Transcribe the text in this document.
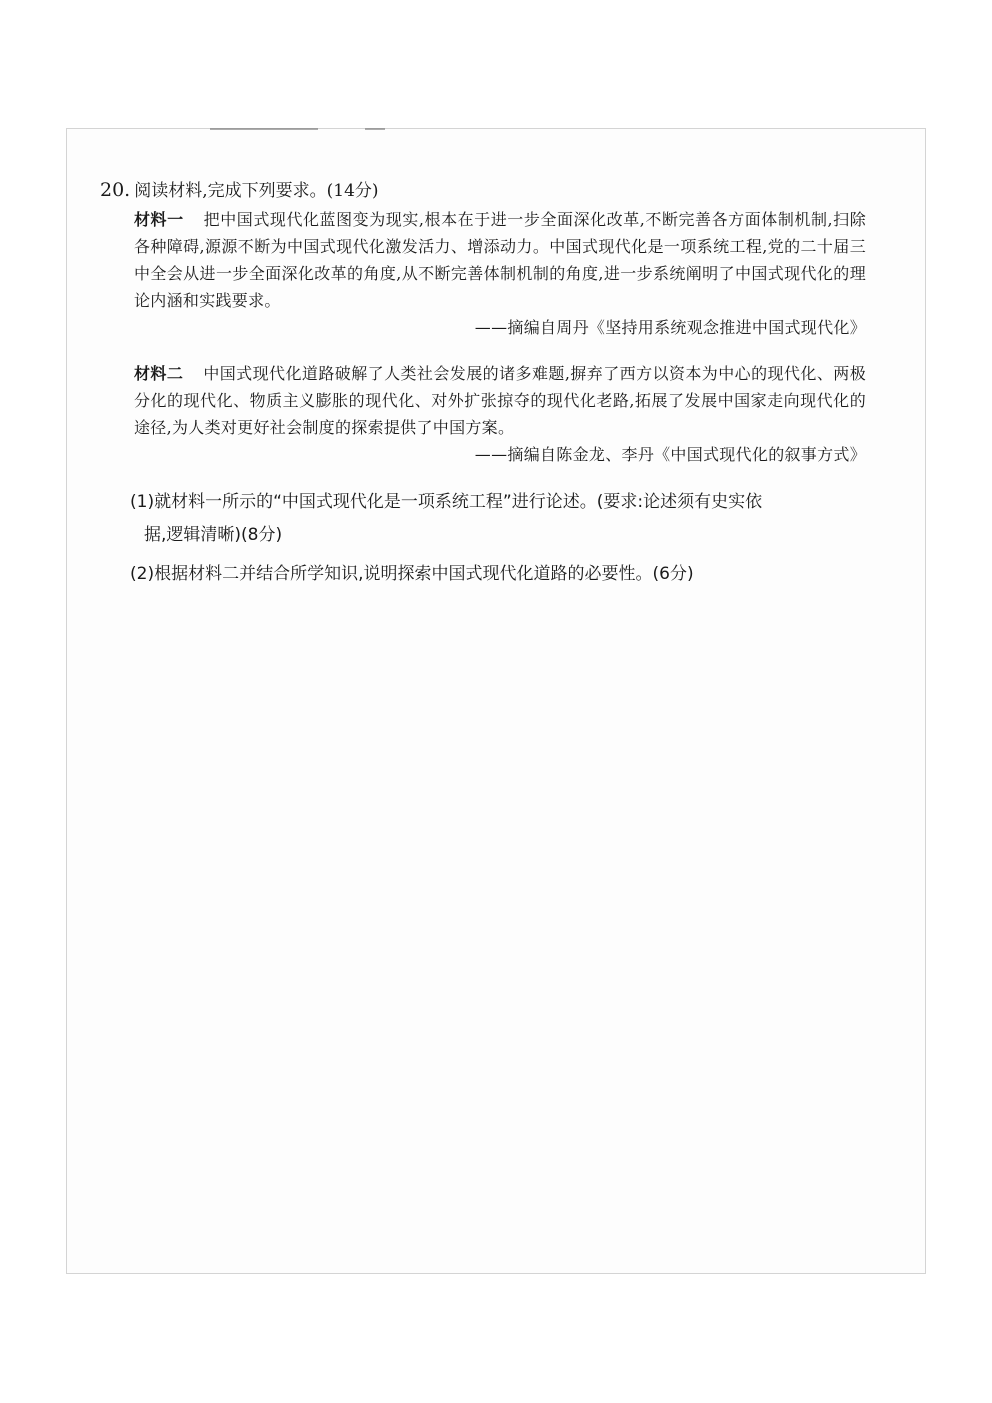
20. 阅读材料,完成下列要求。(14分)
材料一 把中国式现代化蓝图变为现实,根本在于进一步全面深化改革,不断完善各方面体制机制,扫除各种障碍,源源不断为中国式现代化激发活力、增添动力。中国式现代化是一项系统工程,党的二十届三中全会从进一步全面深化改革的角度,从不断完善体制机制的角度,进一步系统阐明了中国式现代化的理论内涵和实践要求。
——摘编自周丹《坚持用系统观念推进中国式现代化》
材料二 中国式现代化道路破解了人类社会发展的诸多难题,摒弃了西方以资本为中心的现代化、两极分化的现代化、物质主义膨胀的现代化、对外扩张掠夺的现代化老路,拓展了发展中国家走向现代化的途径,为人类对更好社会制度的探索提供了中国方案。
——摘编自陈金龙、李丹《中国式现代化的叙事方式》
(1)就材料一所示的“中国式现代化是一项系统工程”进行论述。(要求:论述须有史实依
据,逻辑清晰)(8分)
(2)根据材料二并结合所学知识,说明探索中国式现代化道路的必要性。(6分)
